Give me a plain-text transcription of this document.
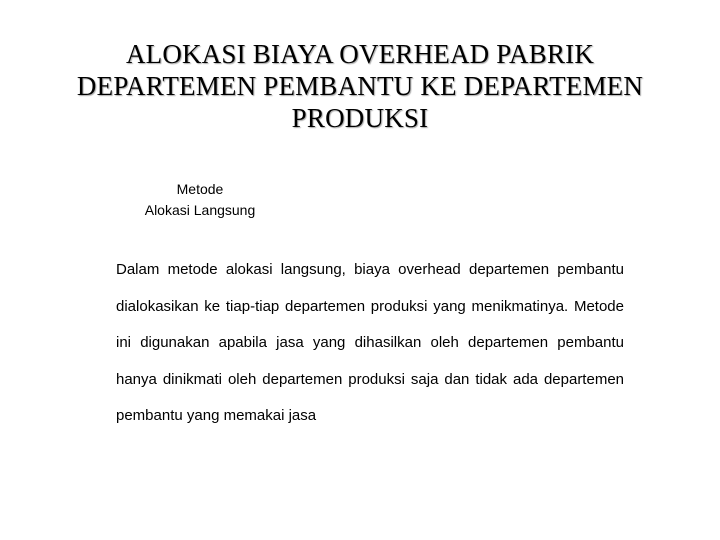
ALOKASI BIAYA OVERHEAD PABRIK
DEPARTEMEN PEMBANTU KE DEPARTEMEN
PRODUKSI
Metode
Alokasi Langsung

Dalam metode alokasi langsung, biaya overhead departemen pembantu dialokasikan ke tiap-tiap departemen produksi yang menikmatinya. Metode ini digunakan apabila jasa yang dihasilkan oleh departemen pembantu hanya dinikmati oleh departemen produksi saja dan tidak ada departemen pembantu yang memakai jasa
